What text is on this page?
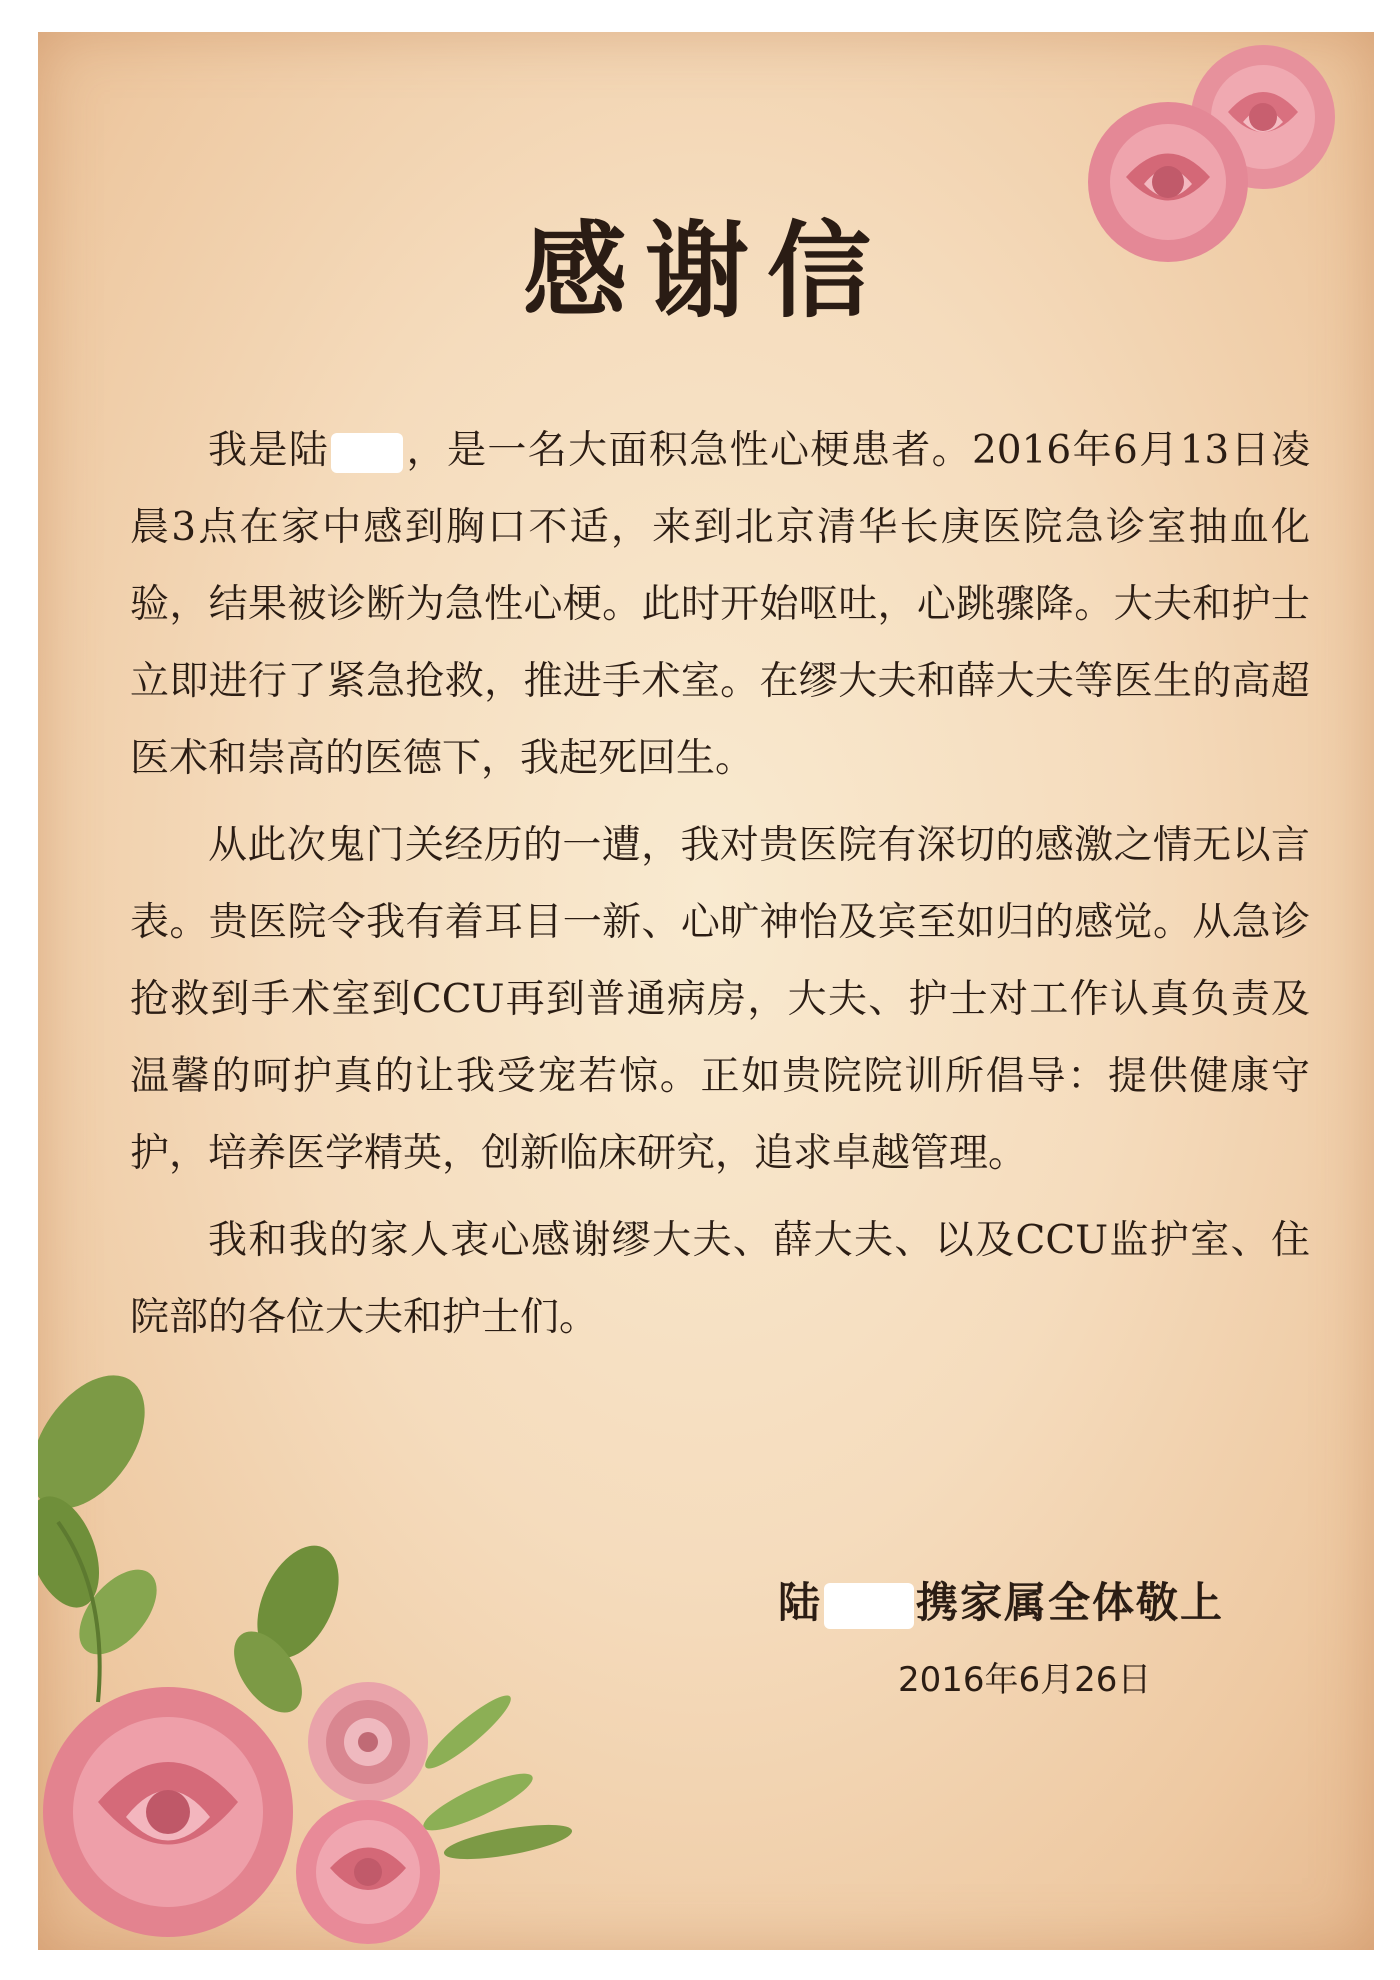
感谢信

我是陆 ，是一名大面积急性心梗患者。2016年6月13日凌晨3点在家中感到胸口不适，来到北京清华长庚医院急诊室抽血化验，结果被诊断为急性心梗。此时开始呕吐，心跳骤降。大夫和护士立即进行了紧急抢救，推进手术室。在缪大夫和薛大夫等医生的高超医术和崇高的医德下，我起死回生。

从此次鬼门关经历的一遭，我对贵医院有深切的感激之情无以言表。贵医院令我有着耳目一新、心旷神怡及宾至如归的感觉。从急诊抢救到手术室到CCU再到普通病房，大夫、护士对工作认真负责及温馨的呵护真的让我受宠若惊。正如贵院院训所倡导：提供健康守护，培养医学精英，创新临床研究，追求卓越管理。

我和我的家人衷心感谢缪大夫、薛大夫、以及CCU监护室、住院部的各位大夫和护士们。

陆 携家属全体敬上
2016年6月26日
